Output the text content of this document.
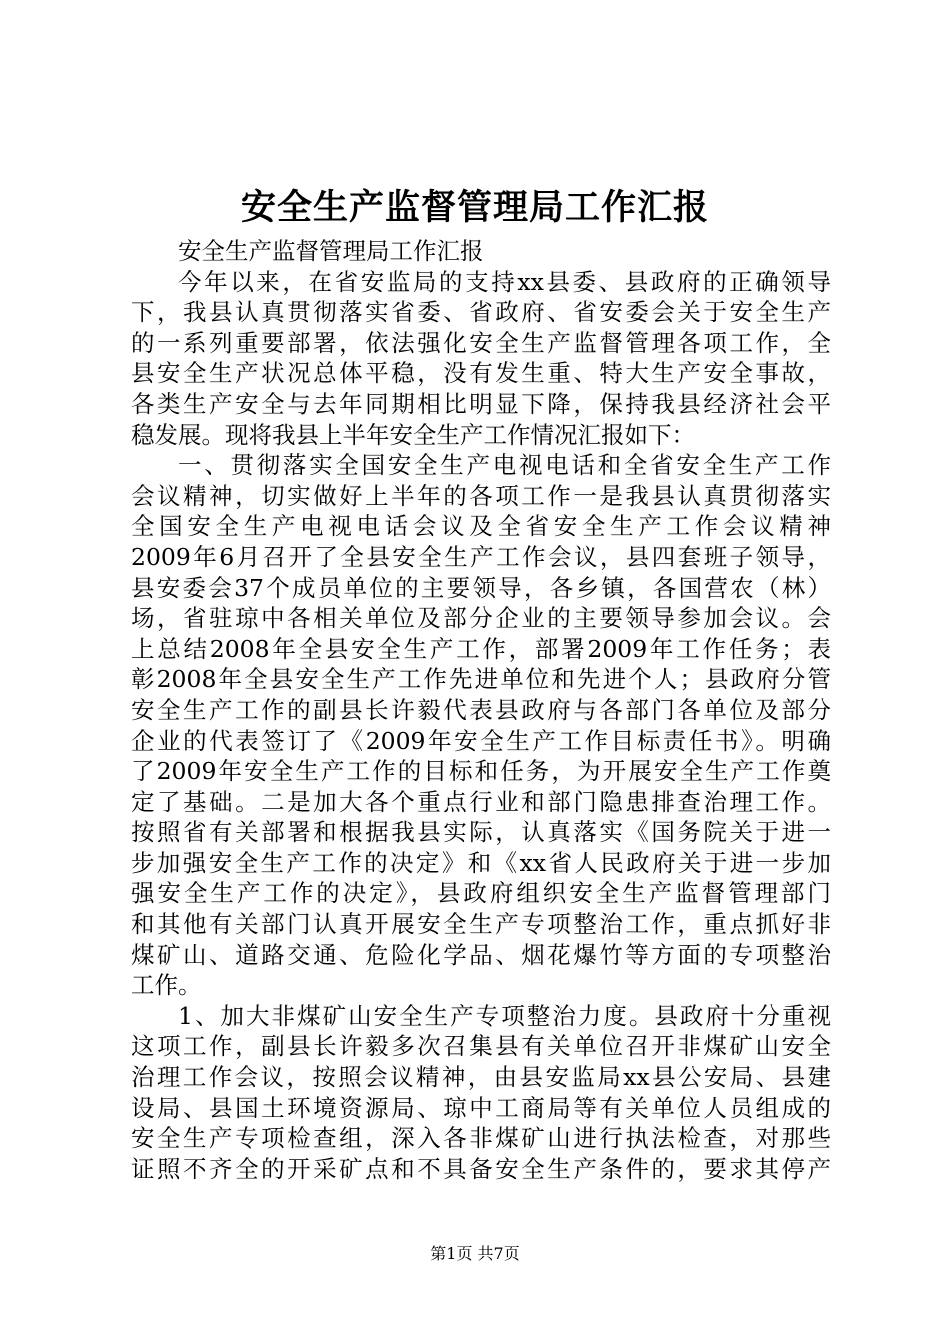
安全生产监督管理局工作汇报
安全生产监督管理局工作汇报
今年以来，在省安监局的支持xx县委、县政府的正确领导
下，我县认真贯彻落实省委、省政府、省安委会关于安全生产
的一系列重要部署，依法强化安全生产监督管理各项工作，全
县安全生产状况总体平稳，没有发生重、特大生产安全事故，
各类生产安全与去年同期相比明显下降，保持我县经济社会平
稳发展。现将我县上半年安全生产工作情况汇报如下：
一、贯彻落实全国安全生产电视电话和全省安全生产工作
会议精神，切实做好上半年的各项工作一是我县认真贯彻落实
全国安全生产电视电话会议及全省安全生产工作会议精神
2009年6月召开了全县安全生产工作会议，县四套班子领导，
县安委会37个成员单位的主要领导，各乡镇，各国营农（林）
场，省驻琼中各相关单位及部分企业的主要领导参加会议。会
上总结2008年全县安全生产工作，部署2009年工作任务；表
彰2008年全县安全生产工作先进单位和先进个人；县政府分管
安全生产工作的副县长许毅代表县政府与各部门各单位及部分
企业的代表签订了《2009年安全生产工作目标责任书》。明确
了2009年安全生产工作的目标和任务，为开展安全生产工作奠
定了基础。二是加大各个重点行业和部门隐患排查治理工作。
按照省有关部署和根据我县实际，认真落实《国务院关于进一
步加强安全生产工作的决定》和《xx省人民政府关于进一步加
强安全生产工作的决定》，县政府组织安全生产监督管理部门
和其他有关部门认真开展安全生产专项整治工作，重点抓好非
煤矿山、道路交通、危险化学品、烟花爆竹等方面的专项整治
工作。
1、加大非煤矿山安全生产专项整治力度。县政府十分重视
这项工作，副县长许毅多次召集县有关单位召开非煤矿山安全
治理工作会议，按照会议精神，由县安监局xx县公安局、县建
设局、县国土环境资源局、琼中工商局等有关单位人员组成的
安全生产专项检查组，深入各非煤矿山进行执法检查，对那些
证照不齐全的开采矿点和不具备安全生产条件的，要求其停产
第1页 共7页
